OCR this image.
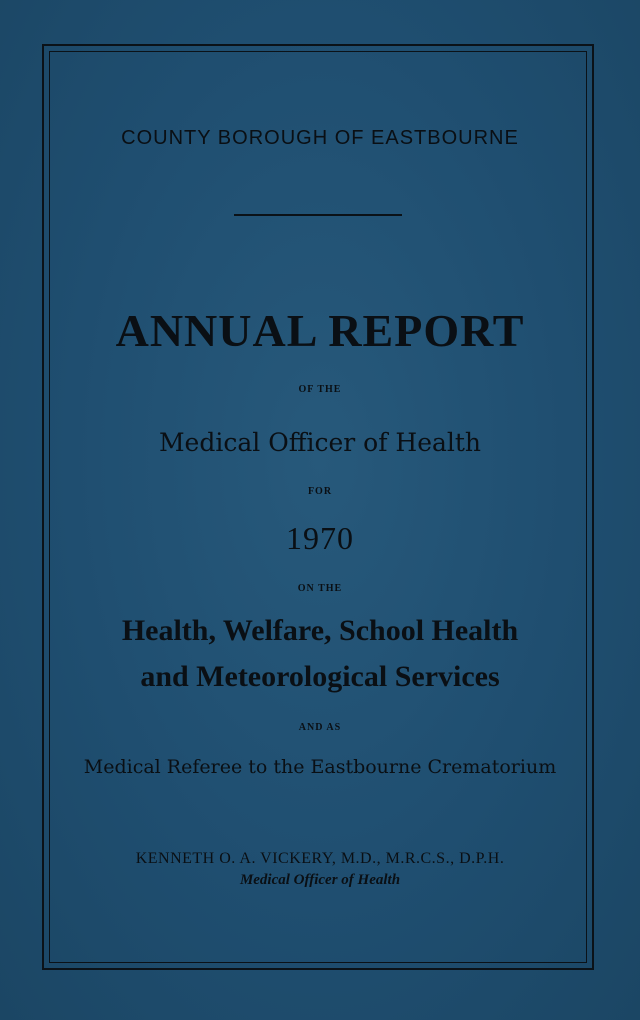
COUNTY BOROUGH OF EASTBOURNE
ANNUAL REPORT
OF THE
Medical Officer of Health
FOR
1970
ON THE
Health, Welfare, School Health
and Meteorological Services
AND AS
Medical Referee to the Eastbourne Crematorium
KENNETH O. A. VICKERY, M.D., M.R.C.S., D.P.H.
Medical Officer of Health
